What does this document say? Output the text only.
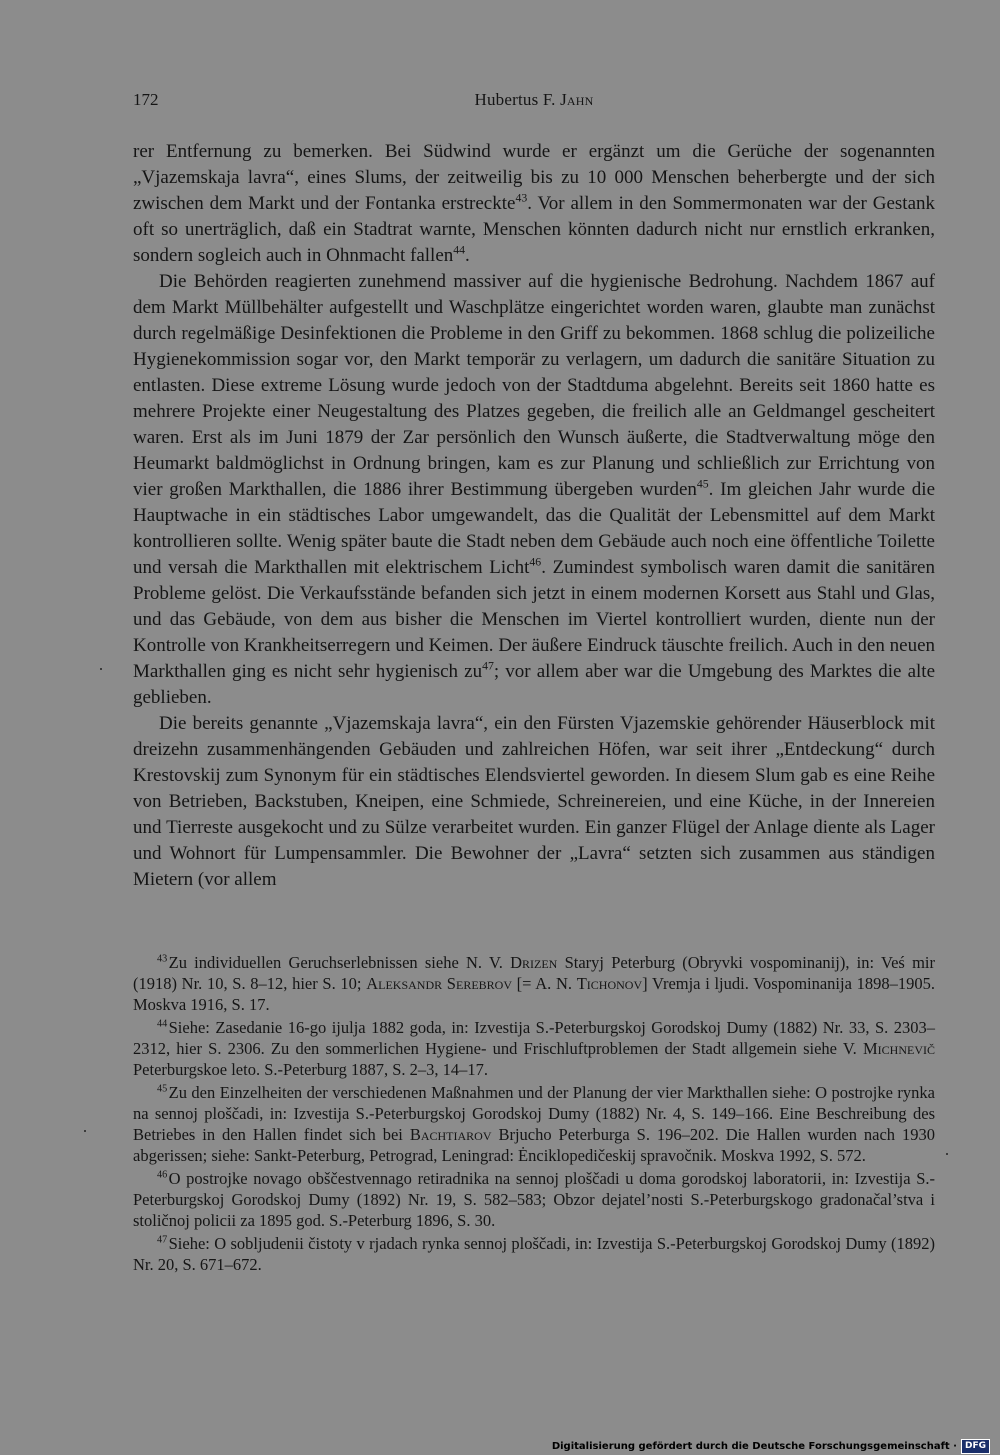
172	Hubertus F. Jahn

rer Entfernung zu bemerken. Bei Südwind wurde er ergänzt um die Gerüche der sogenannten „Vjazemskaja lavra“, eines Slums, der zeitweilig bis zu 10 000 Menschen beherbergte und der sich zwischen dem Markt und der Fontanka erstreckte$^{43}$. Vor allem in den Sommermonaten war der Gestank oft so unerträglich, daß ein Stadtrat warnte, Menschen könnten dadurch nicht nur ernstlich erkranken, sondern sogleich auch in Ohnmacht fallen$^{44}$.

Die Behörden reagierten zunehmend massiver auf die hygienische Bedrohung. Nachdem 1867 auf dem Markt Müllbehälter aufgestellt und Waschplätze eingerichtet worden waren, glaubte man zunächst durch regelmäßige Desinfektionen die Probleme in den Griff zu bekommen. 1868 schlug die polizeiliche Hygienekommission sogar vor, den Markt temporär zu verlagern, um dadurch die sanitäre Situation zu entlasten. Diese extreme Lösung wurde jedoch von der Stadtduma abgelehnt. Bereits seit 1860 hatte es mehrere Projekte einer Neugestaltung des Platzes gegeben, die freilich alle an Geldmangel gescheitert waren. Erst als im Juni 1879 der Zar persönlich den Wunsch äußerte, die Stadtverwaltung möge den Heumarkt baldmöglichst in Ordnung bringen, kam es zur Planung und schließlich zur Errichtung von vier großen Markthallen, die 1886 ihrer Bestimmung übergeben wurden$^{45}$. Im gleichen Jahr wurde die Hauptwache in ein städtisches Labor umgewandelt, das die Qualität der Lebensmittel auf dem Markt kontrollieren sollte. Wenig später baute die Stadt neben dem Gebäude auch noch eine öffentliche Toilette und versah die Markthallen mit elektrischem Licht$^{46}$. Zumindest symbolisch waren damit die sanitären Probleme gelöst. Die Verkaufsstände befanden sich jetzt in einem modernen Korsett aus Stahl und Glas, und das Gebäude, von dem aus bisher die Menschen im Viertel kontrolliert wurden, diente nun der Kontrolle von Krankheitserregern und Keimen. Der äußere Eindruck täuschte freilich. Auch in den neuen Markthallen ging es nicht sehr hygienisch $zu^{47}$; vor allem aber war die Umgebung des Marktes die alte geblieben.

Die bereits genannte „Vjazemskaja lavra“, ein den Fürsten Vjazemskie gehörender Häuserblock mit dreizehn zusammenhängenden Gebäuden und zahlreichen Höfen, war seit ihrer „Entdeckung“ durch Krestovskij zum Synonym für ein städtisches Elendsviertel geworden. In diesem Slum gab es eine Reihe von Betrieben, Backstuben, Kneipen, eine Schmiede, Schreinereien, und eine Küche, in der Innereien und Tierreste ausgekocht und zu Sülze verarbeitet wurden. Ein ganzer Flügel der Anlage diente als Lager und Wohnort für Lumpensammler. Die Bewohner der „Lavra“ setzten sich zusammen aus ständigen Mietern (vor allem

$^{43}$ Zu individuellen Geruchserlebnissen siehe N. V. Drizen Staryj Peterburg (Obryvki vospominanij), in: Veś mir (1918) Nr. 10, S. 8–12, hier S. 10; Aleksandr Serebrov [= A. N. Tichonov] Vremja i ljudi. Vospominanija 1898–1905. Moskva 1916, S. 17.

$^{44}$ Siehe: Zasedanie 16-go ijulja 1882 goda, in: Izvestija S.-Peterburgskoj Gorodskoj Dumy (1882) Nr. 33, S. 2303–2312, hier S. 2306. Zu den sommerlichen Hygiene- und Frischluftproblemen der Stadt allgemein siehe V. Michnevič Peterburgskoe leto. S.-Peterburg 1887, S. 2–3, 14–17.

$^{45}$ Zu den Einzelheiten der verschiedenen Maßnahmen und der Planung der vier Markthallen siehe: O postrojke rynka na sennoj ploščadi, in: Izvestija S.-Peterburgskoj Gorodskoj Dumy (1882) Nr. 4, S. 149–166. Eine Beschreibung des Betriebes in den Hallen findet sich bei Bachtiarov Brjucho Peterburga S. 196–202. Die Hallen wurden nach 1930 abgerissen; siehe: Sankt-Peterburg, Petrograd, Leningrad: Ėnciklopedičeskij spravočnik. Moskva 1992, S. 572.

$^{46}$ O postrojke novago obščestvennago retiradnika na sennoj ploščadi u doma gorodskoj laboratorii, in: Izvestija S.-Peterburgskoj Gorodskoj Dumy (1892) Nr. 19, S. 582–583; Obzor dejatel’nosti S.-Peterburgskogo gradonačal’stva i stoličnoj policii za 1895 god. S.-Peterburg 1896, S. 30.

$^{47}$ Siehe: O sobljudenii čistoty v rjadach rynka sennoj ploščadi, in: Izvestija S.-Peterburgskoj Gorodskoj Dumy (1892) Nr. 20, S. 671–672.

Digitalisierung gefördert durch die Deutsche Forschungsgemeinschaft · DFG
